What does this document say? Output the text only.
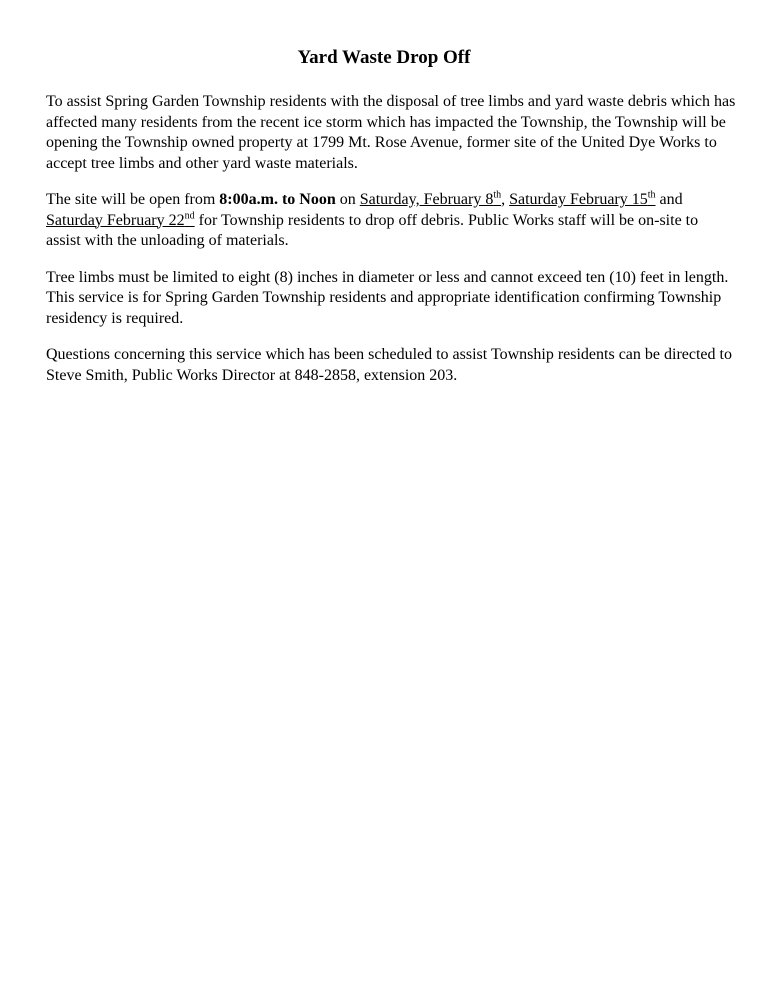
Yard Waste Drop Off

To assist Spring Garden Township residents with the disposal of tree limbs and yard waste debris which has affected many residents from the recent ice storm which has impacted the Township, the Township will be opening the Township owned property at 1799 Mt. Rose Avenue, former site of the United Dye Works to accept tree limbs and other yard waste materials.

The site will be open from 8:00a.m. to Noon on Saturday, February 8th, Saturday February 15th and Saturday February 22nd for Township residents to drop off debris. Public Works staff will be on-site to assist with the unloading of materials.

Tree limbs must be limited to eight (8) inches in diameter or less and cannot exceed ten (10) feet in length. This service is for Spring Garden Township residents and appropriate identification confirming Township residency is required.

Questions concerning this service which has been scheduled to assist Township residents can be directed to Steve Smith, Public Works Director at 848-2858, extension 203.
